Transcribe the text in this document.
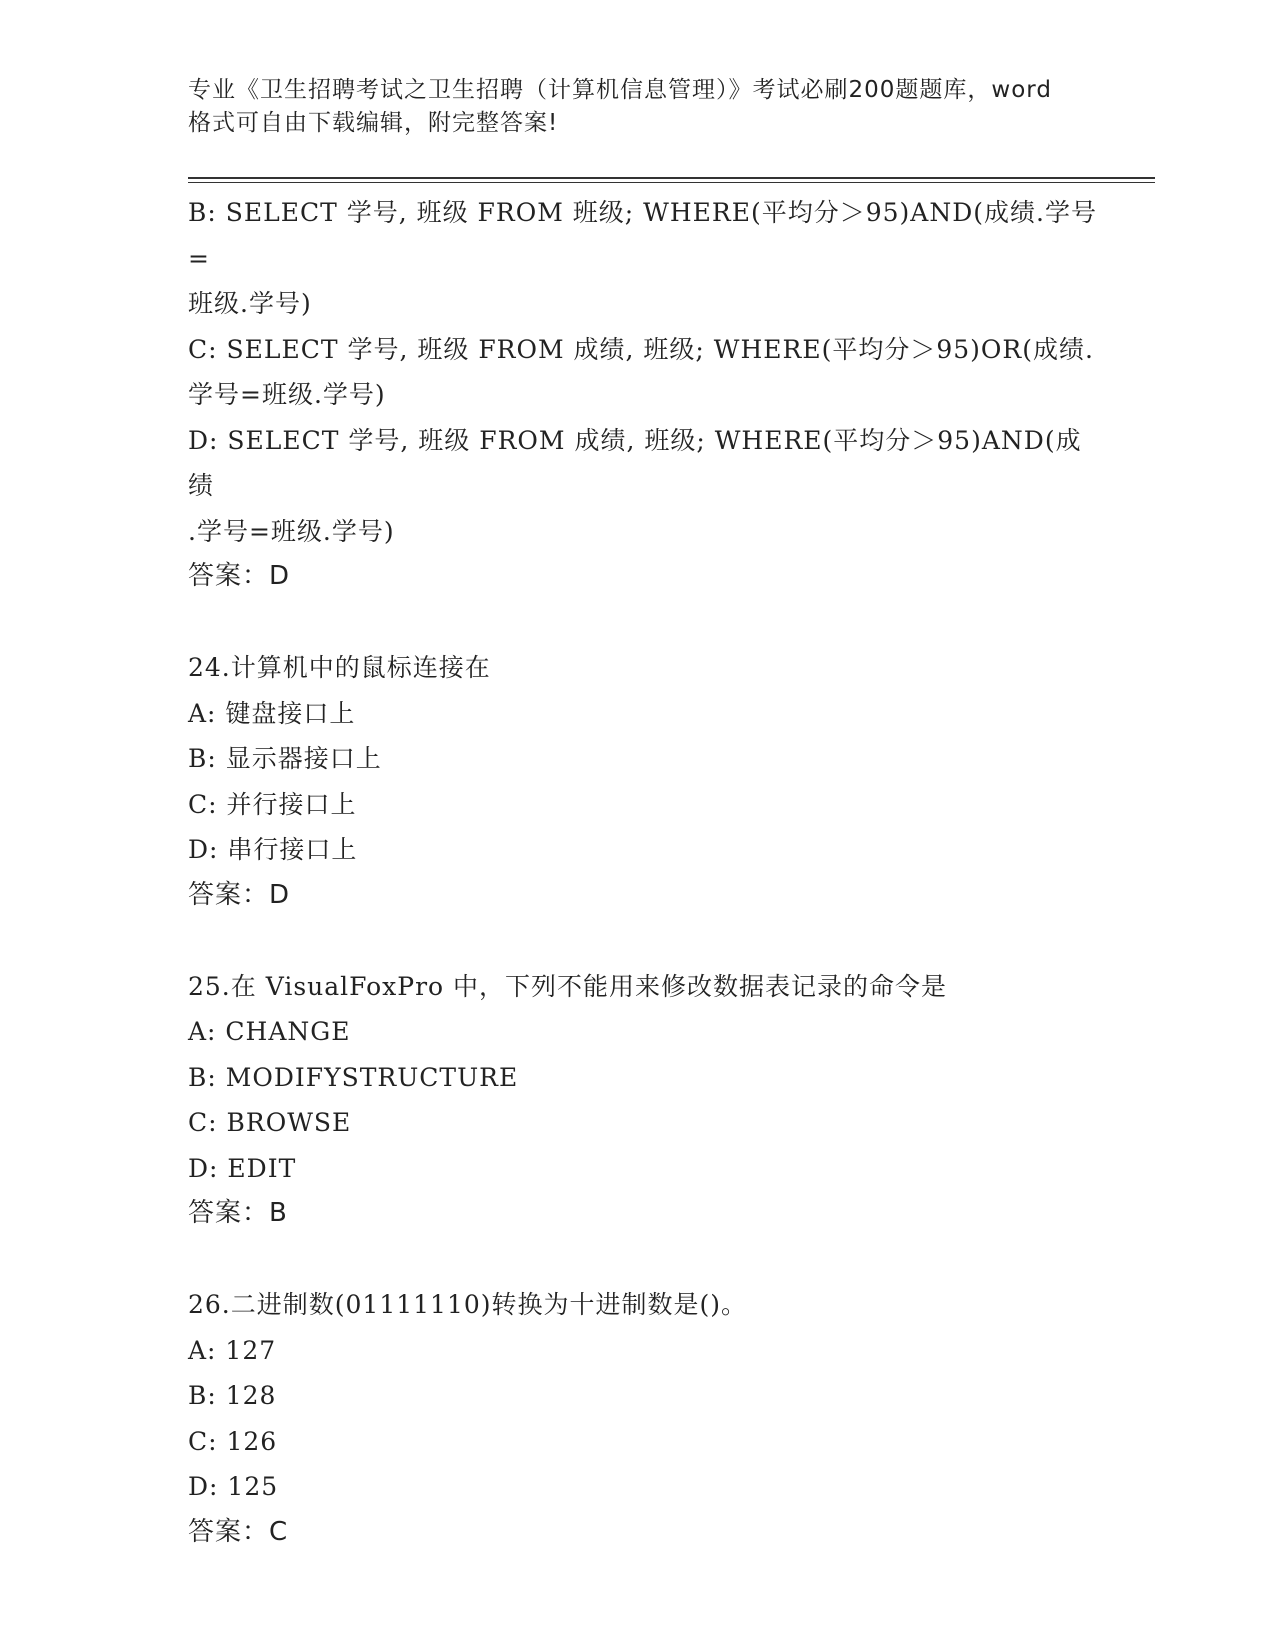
专业《卫生招聘考试之卫生招聘（计算机信息管理）》考试必刷200题题库，word
格式可自由下载编辑，附完整答案!
B: SELECT 学号, 班级 FROM 班级; WHERE(平均分＞95)AND(成绩.学号=
班级.学号)
C: SELECT 学号, 班级 FROM 成绩, 班级; WHERE(平均分＞95)OR(成绩.
学号=班级.学号)
D: SELECT 学号, 班级 FROM 成绩, 班级; WHERE(平均分＞95)AND(成绩
.学号=班级.学号)
答案：D
24.计算机中的鼠标连接在
A: 键盘接口上
B: 显示器接口上
C: 并行接口上
D: 串行接口上
答案：D
25.在 VisualFoxPro 中，下列不能用来修改数据表记录的命令是
A: CHANGE
B: MODIFYSTRUCTURE
C: BROWSE
D: EDIT
答案：B
26.二进制数(01111110)转换为十进制数是()。
A: 127
B: 128
C: 126
D: 125
答案：C
